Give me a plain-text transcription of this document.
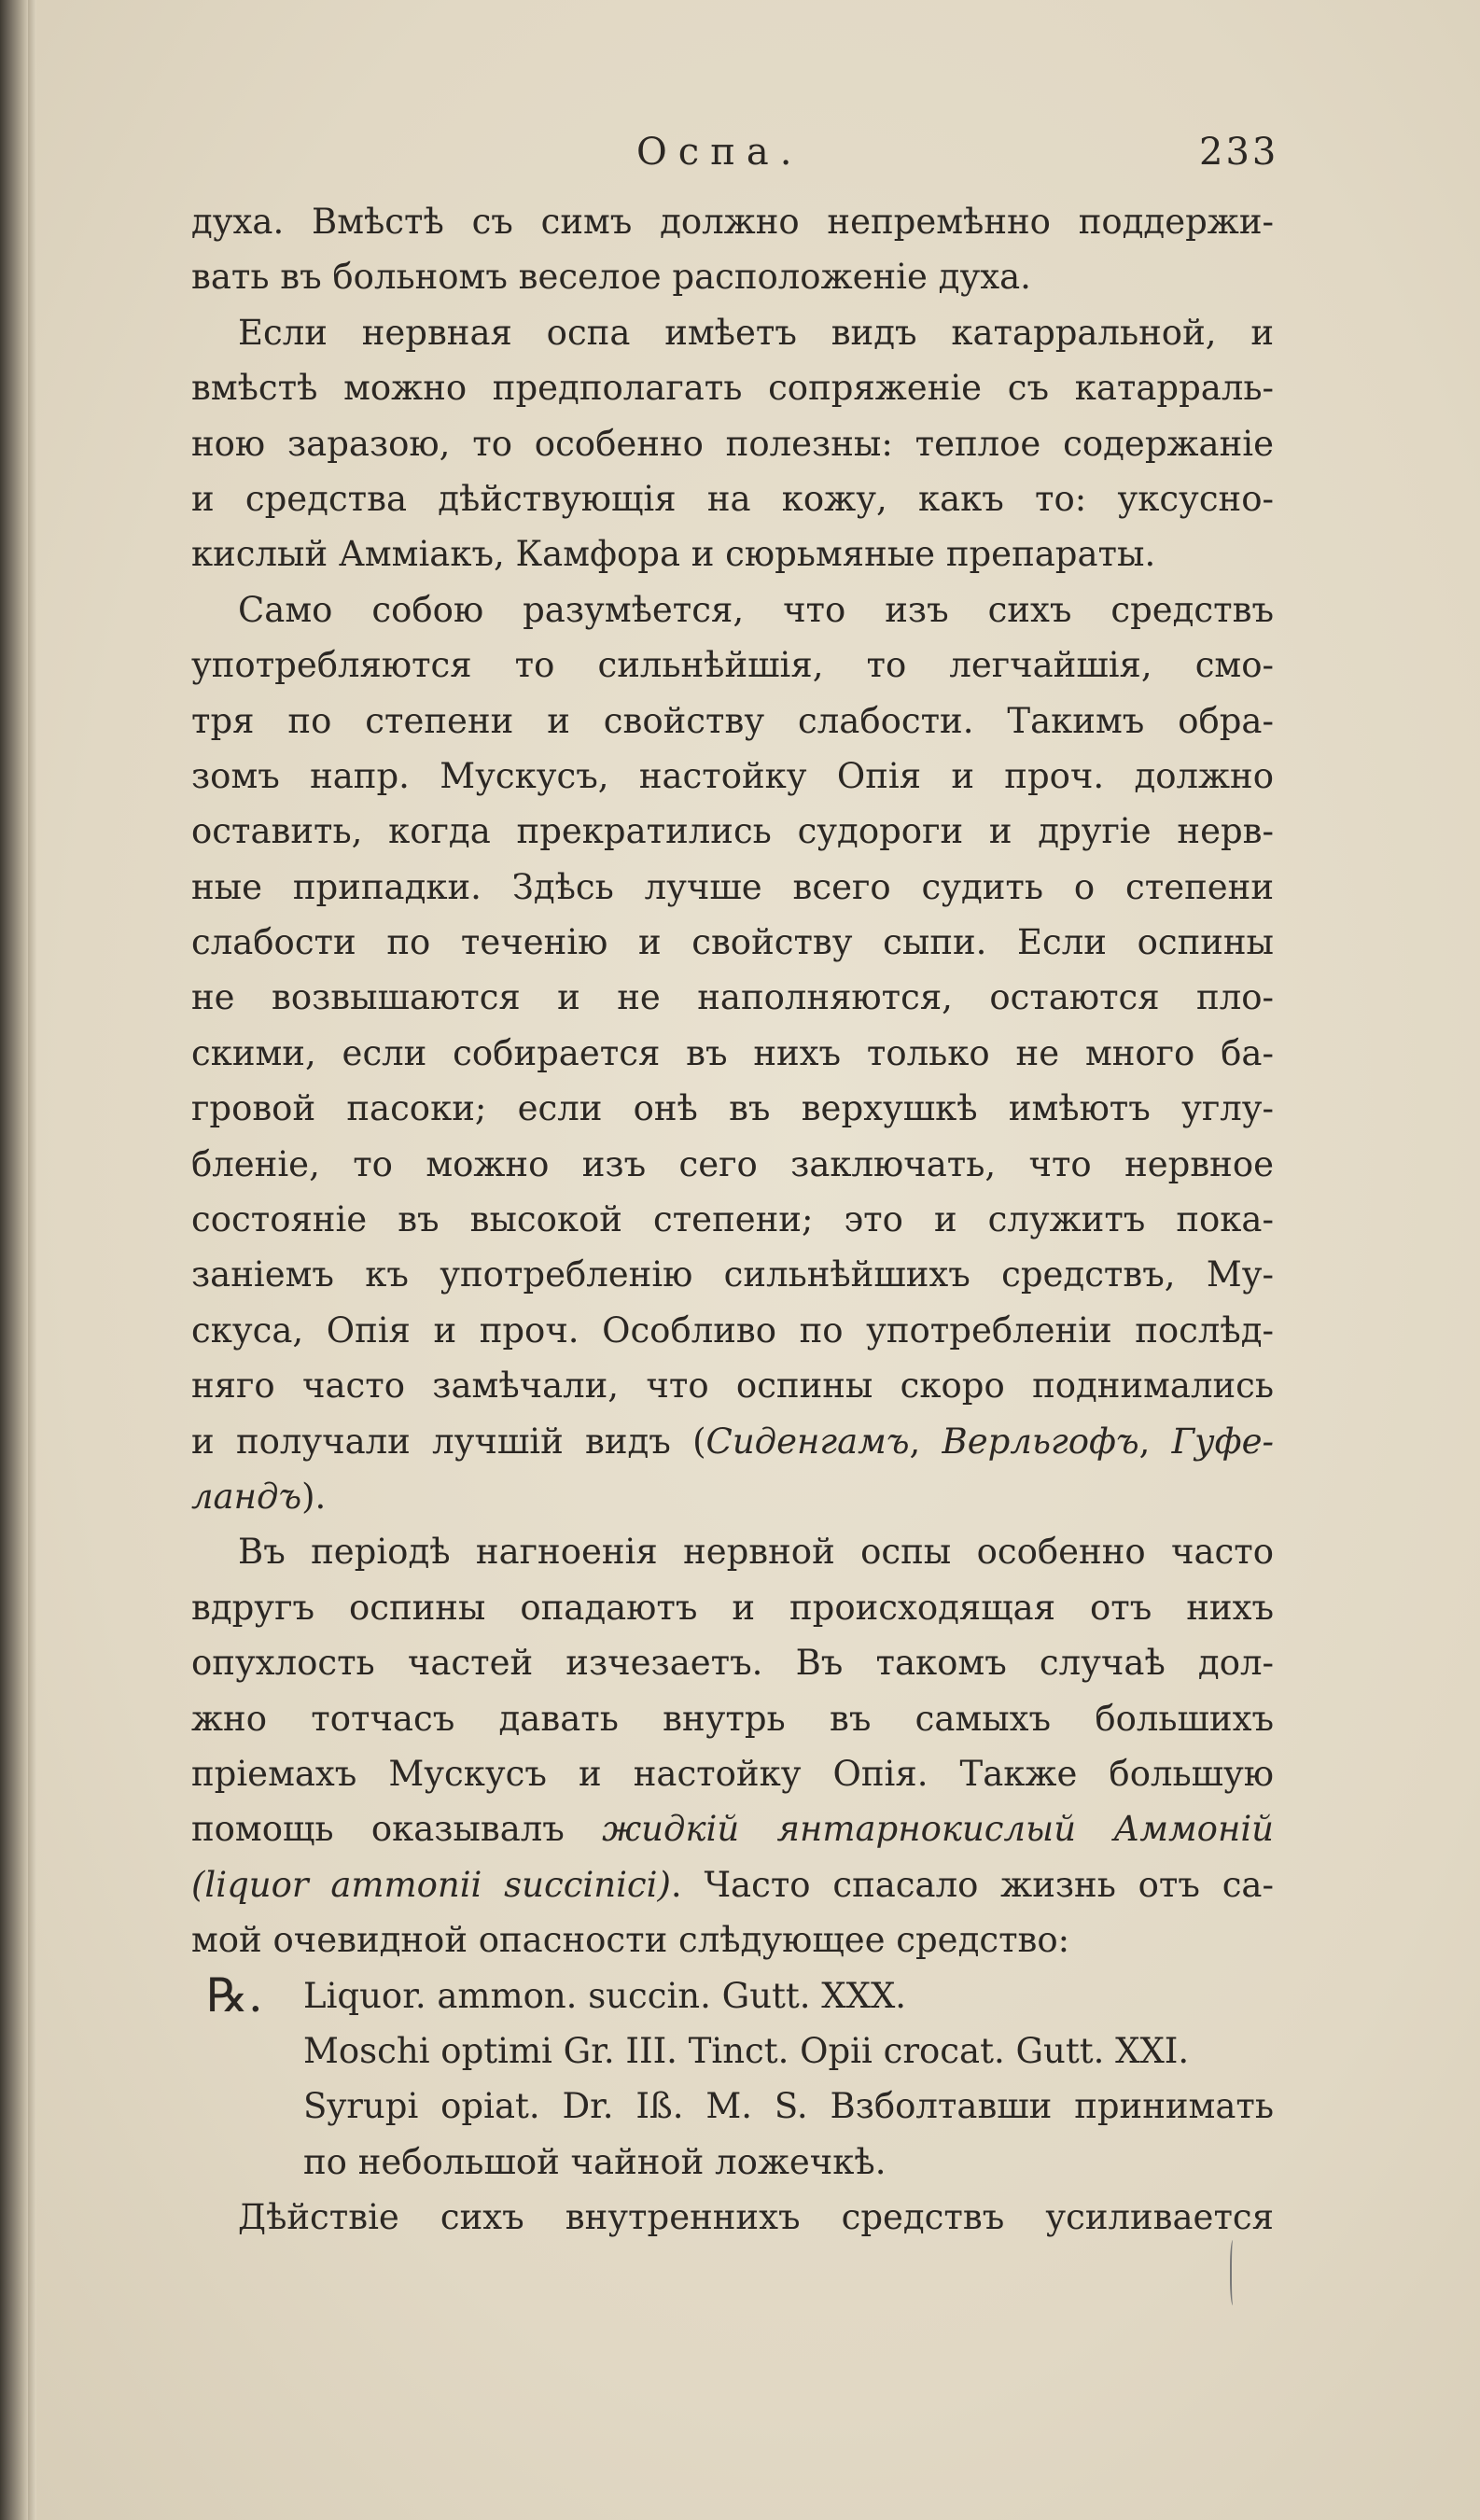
Оспа.	233
духа. Вмѣстѣ съ симъ должно непремѣнно поддержи-
вать въ больномъ веселое расположеніе духа.
Если нервная оспа имѣетъ видъ катарральной, и
вмѣстѣ можно предполагать сопряженіе съ катарраль-
ною заразою, то особенно полезны: теплое содержаніе
и средства дѣйствующія на кожу, какъ то: уксусно-
кислый Аммiакъ, Камфора и сюрьмяные препараты.
Само собою разумѣется, что изъ сихъ средствъ
употребляются то сильнѣйшія, то легчайшія, смо-
тря по степени и свойству слабости. Такимъ обра-
зомъ напр. Мускусъ, настойку Опія и проч. должно
оставить, когда прекратились судороги и другіе нерв-
ные припадки. Здѣсь лучше всего судить о степени
слабости по теченію и свойству сыпи. Если оспины
не возвышаются и не наполняются, остаются пло-
скими, если собирается въ нихъ только не много ба-
гровой пасоки; если онѣ въ верхушкѣ имѣютъ углу-
бленіе, то можно изъ сего заключать, что нервное
состояніе въ высокой степени; это и служитъ пока-
заніемъ къ употребленію сильнѣйшихъ средствъ, Му-
скуса, Опія и проч. Особливо по употребленіи послѣд-
няго часто замѣчали, что оспины скоро поднимались
и получали лучшій видъ (Сиденгамъ, Верльгофъ, Гуфе-
ландъ).
Въ періодѣ нагноенія нервной оспы особенно часто
вдругъ оспины опадаютъ и происходящая отъ нихъ
опухлость частей изчезаетъ. Въ такомъ случаѣ дол-
жно тотчасъ давать внутрь въ самыхъ большихъ
пріемахъ Мускусъ и настойку Опія. Также большую
помощь оказывалъ жидкій янтарнокислый Аммоній
(liquor ammonii succinici). Часто спасало жизнь отъ са-
мой очевидной опасности слѣдующее средство:
℞. Liquor. ammon. succin. Gutt. XXX.
Moschi optimi Gr. III. Tinct. Opii crocat. Gutt. XXI.
Syrupi opiat. Dr. Iß. M. S. Взболтавши принимать
по небольшой чайной ложечкѣ.
Дѣйствіе сихъ внутреннихъ средствъ усиливается
